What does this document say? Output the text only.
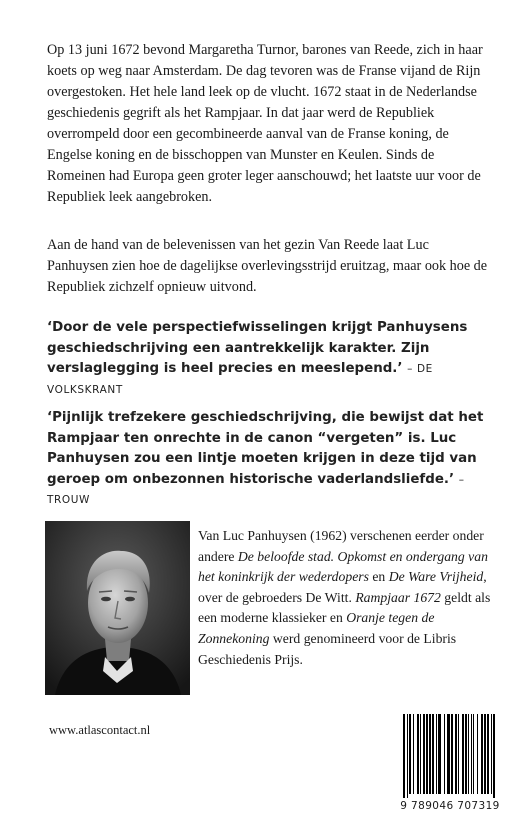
Op 13 juni 1672 bevond Margaretha Turnor, barones van Reede, zich in haar koets op weg naar Amsterdam. De dag tevoren was de Franse vijand de Rijn overgestoken. Het hele land leek op de vlucht. 1672 staat in de Nederlandse geschiedenis gegrift als het Rampjaar. In dat jaar werd de Republiek overrompeld door een gecombineerde aanval van de Franse koning, de Engelse koning en de bisschoppen van Munster en Keulen. Sinds de Romeinen had Europa geen groter leger aanschouwd; het laatste uur voor de Republiek leek aangebroken.

Aan de hand van de belevenissen van het gezin Van Reede laat Luc Panhuysen zien hoe de dagelijkse overlevingsstrijd eruitzag, maar ook hoe de Republiek zichzelf opnieuw uitvond.

‘Door de vele perspectiefwisselingen krijgt Panhuysens geschiedschrijving een aantrekkelijk karakter. Zijn verslaglegging is heel precies en meeslepend.’ – DE VOLKSKRANT

‘Pijnlijk trefzekere geschiedschrijving, die bewijst dat het Rampjaar ten onrechte in de canon “vergeten” is. Luc Panhuysen zou een lintje moeten krijgen in deze tijd van geroep om onbezonnen historische vaderlandsliefde.’ – TROUW

Van Luc Panhuysen (1962) verschenen eerder onder andere De beloofde stad. Opkomst en ondergang van het koninkrijk der wederdopers en De Ware Vrijheid, over de gebroeders De Witt. Rampjaar 1672 geldt als een moderne klassieker en Oranje tegen de Zonnekoning werd genomineerd voor de Libris Geschiedenis Prijs.

www.atlascontact.nl

9 789046 707319
